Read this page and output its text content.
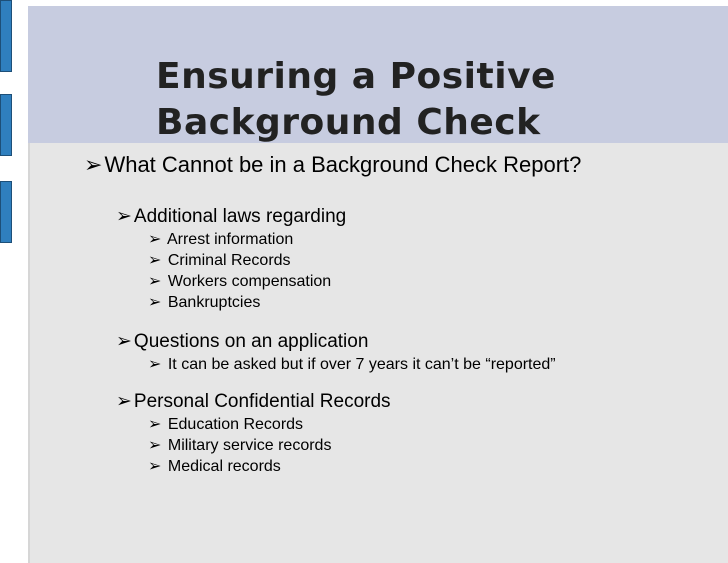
Ensuring a Positive
Background Check
➢What Cannot be in a Background Check Report?
➢ Additional laws regarding
➢ Arrest information
➢ Criminal Records
➢ Workers compensation
➢ Bankruptcies
➢ Questions on an application
➢ It can be asked but if over 7 years it can’t be “reported”
➢ Personal Confidential Records
➢ Education Records
➢ Military service records
➢ Medical records
